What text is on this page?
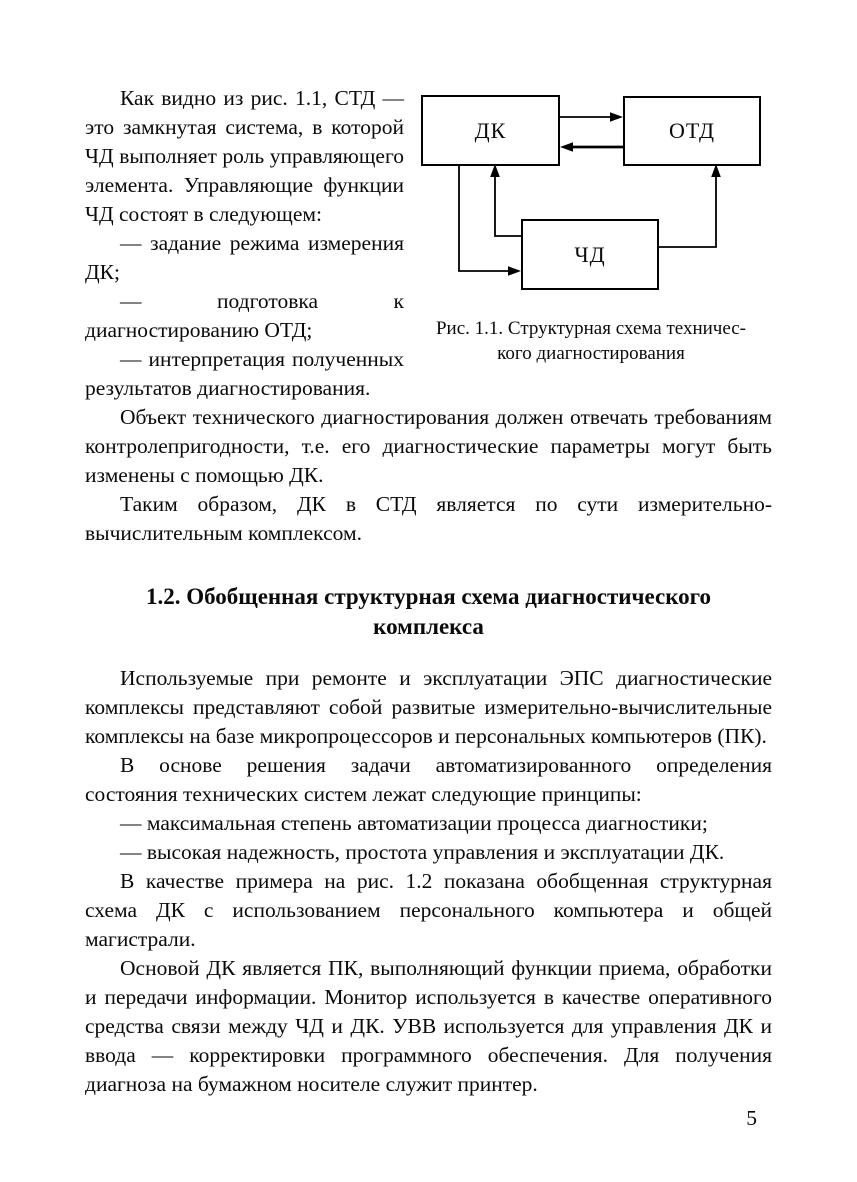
ДК	ОТД
ЧД
Рис. 1.1. Структурная схема техничес-
кого диагностирования

Как видно из рис. 1.1, СТД — это замкнутая система, в которой ЧД выполняет роль управляющего элемента. Управляющие функции ЧД состоят в следующем:

— задание режима измерения ДК;

— подготовка к диагностированию ОТД;

— интерпретация полученных результатов диагностирования.

Объект технического диагностирования должен отвечать требованиям контролепригодности, т.е. его диагностические параметры могут быть изменены с помощью ДК.

Таким образом, ДК в СТД является по сути измерительно-вычислительным комплексом.

1.2. Обобщенная структурная схема диагностического комплекса

Используемые при ремонте и эксплуатации ЭПС диагностические комплексы представляют собой развитые измерительно-вычислительные комплексы на базе микропроцессоров и персональных компьютеров (ПК).

В основе решения задачи автоматизированного определения состояния технических систем лежат следующие принципы:

— максимальная степень автоматизации процесса диагностики;

— высокая надежность, простота управления и эксплуатации ДК.

В качестве примера на рис. 1.2 показана обобщенная структурная схема ДК с использованием персонального компьютера и общей магистрали.

Основой ДК является ПК, выполняющий функции приема, обработки и передачи информации. Монитор используется в качестве оперативного средства связи между ЧД и ДК. УВВ используется для управления ДК и ввода — корректировки программного обеспечения. Для получения диагноза на бумажном носителе служит принтер.

5
